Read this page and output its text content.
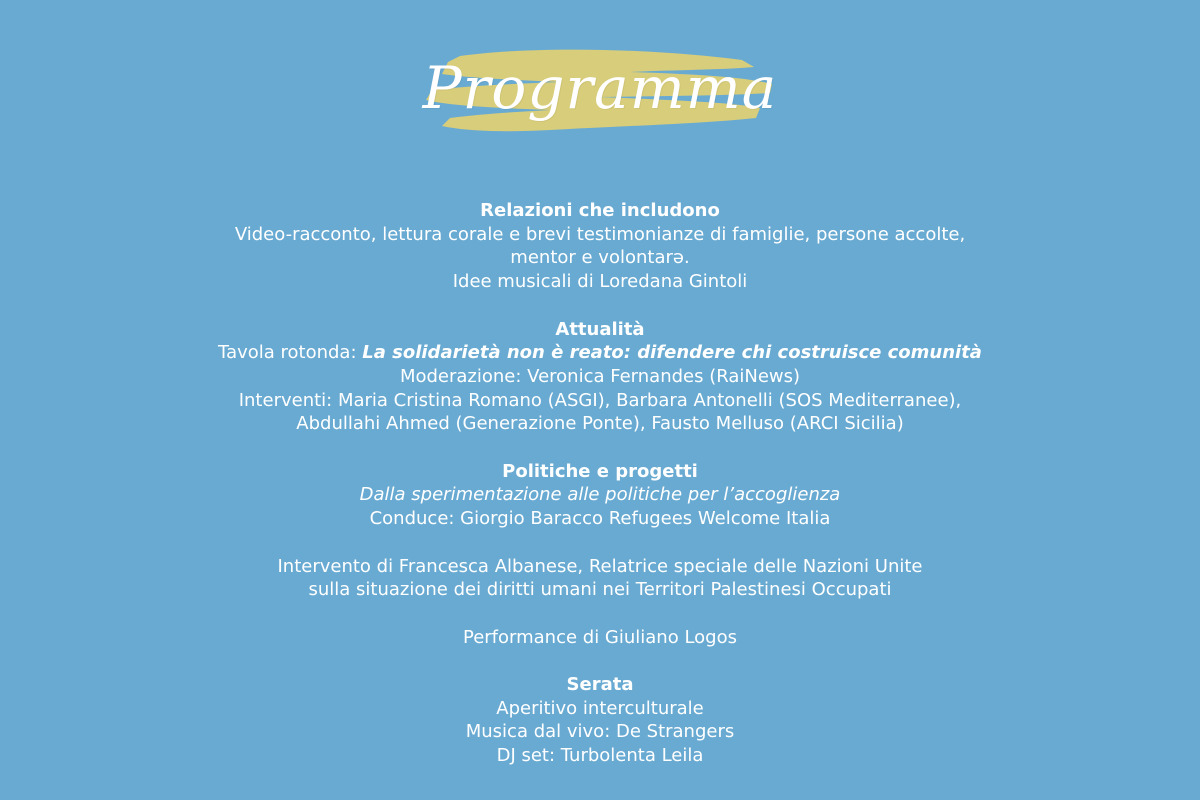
Programma
Relazioni che includono
Video-racconto, lettura corale e brevi testimonianze di famiglie, persone accolte,
mentor e volontarə.
Idee musicali di Loredana Gintoli
Attualità
Tavola rotonda: La solidarietà non è reato: difendere chi costruisce comunità
Moderazione: Veronica Fernandes (RaiNews)
Interventi: Maria Cristina Romano (ASGI), Barbara Antonelli (SOS Mediterranee),
Abdullahi Ahmed (Generazione Ponte), Fausto Melluso (ARCI Sicilia)
Politiche e progetti
Dalla sperimentazione alle politiche per l’accoglienza
Conduce: Giorgio Baracco Refugees Welcome Italia
Intervento di Francesca Albanese, Relatrice speciale delle Nazioni Unite
sulla situazione dei diritti umani nei Territori Palestinesi Occupati
Performance di Giuliano Logos
Serata
Aperitivo interculturale
Musica dal vivo: De Strangers
DJ set: Turbolenta Leila
